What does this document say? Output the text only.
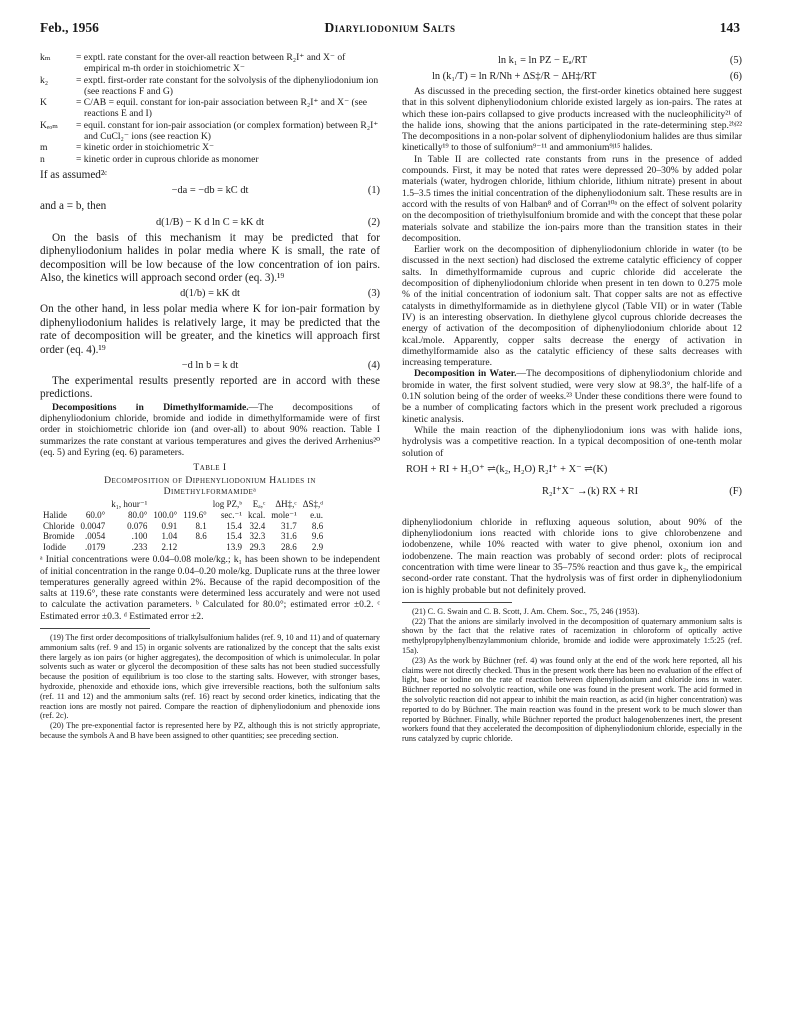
Feb., 1956	Diaryliodonium Salts	143

kₘ	= exptl. rate constant for the over-all reaction between R₂I⁺ and X⁻ of empirical m-th order in stoichiometric X⁻

k₂	= exptl. first-order rate constant for the solvolysis of the diphenyliodonium ion (see reactions F and G)

K	= C/AB = equil. constant for ion-pair association between R₂I⁺ and X⁻ (see reactions E and I)

Kₑₒₘ = equil. constant for ion-pair association (or complex formation) between R₂I⁺ and CuCl₂⁻ ions (see reaction K)

m	= kinetic order in stoichiometric X⁻

n	= kinetic order in cuprous chloride as monomer

If as assumed²ᶜ

−da = −db = kC dt	(1)

and a = b, then

d(1/B) − K d ln C = kK dt	(2)

On the basis of this mechanism it may be predicted that for diphenyliodonium halides in polar media where K is small, the rate of decomposition will be low because of the low concentration of ion pairs. Also, the kinetics will approach second order (eq. 3).¹⁹

d(1/b) = kK dt	(3)

On the other hand, in less polar media where K for ion-pair formation by diphenyliodonium halides is relatively large, it may be predicted that the rate of decomposition will be greater, and the kinetics will approach first order (eq. 4).¹⁹

−d ln b = k dt	(4)

The experimental results presently reported are in accord with these predictions.

Decompositions in Dimethylformamide.—The decompositions of diphenyliodonium chloride, bromide and iodide in dimethylformamide were of first order in stoichiometric chloride ion (and over-all) to about 90% reaction. Table I summarizes the rate constant at various temperatures and gives the derived Arrhenius²⁰ (eq. 5) and Eyring (eq. 6) parameters.

Table I
Decomposition of Diphenyliodonium Halides in
Dimethylformamideᵃ
		k₁, hour⁻¹			log PZ,ᵇ	Eₐ,ᶜ	ΔH‡,ᶜ	ΔS‡,ᵈ
Halide	60.0°	80.0°	100.0°	119.6°	sec.⁻¹	kcal.	mole⁻¹	e.u.
Chloride	0.0047	0.076	0.91	8.1	15.4	32.4	31.7	8.6
Bromide	.0054	.100	1.04	8.6	15.4	32.3	31.6	9.6
Iodide	.0179	.233	2.12		13.9	29.3	28.6	2.9

ᵃ Initial concentrations were 0.04–0.08 mole/kg.; k₁ has been shown to be independent of initial concentration in the range 0.04–0.20 mole/kg. Duplicate runs at the three lower temperatures generally agreed within 2%. Because of the rapid decomposition of the salts at 119.6°, these rate constants were determined less accurately and were not used to calculate the activation parameters. ᵇ Calculated for 80.0°; estimated error ±0.2. ᶜ Estimated error ±0.3. ᵈ Estimated error ±2.

(19) The first order decompositions of trialkylsulfonium halides (ref. 9, 10 and 11) and of quaternary ammonium salts (ref. 9 and 15) in organic solvents are rationalized by the concept that the salts exist there largely as ion pairs (or higher aggregates), the decomposition of which is unimolecular. In polar solvents such as water or glycerol the decomposition of these salts has not been studied successfully because the position of equilibrium is too close to the starting salts. However, with stronger bases, hydroxide, phenoxide and ethoxide ions, which give irreversible reactions, both the sulfonium salts (ref. 11 and 12) and the ammonium salts (ref. 16) react by second order kinetics, indicating that the reaction ions are mostly not paired. Compare the reaction of diphenyliodonium and phenoxide ions (ref. 2c).

(20) The pre-exponential factor is represented here by PZ, although this is not strictly appropriate, because the symbols A and B have been assigned to other quantities; see preceding section.

ln k₁ = ln PZ − Eₐ/RT	(5)
ln (k₁/T) = ln R/Nh + ΔS‡/R − ΔH‡/RT	(6)

As discussed in the preceding section, the first-order kinetics obtained here suggest that in this solvent diphenyliodonium chloride existed largely as ion-pairs. The rates at which these ion-pairs collapsed to give products increased with the nucleophilicity²¹ of the halide ions, showing that the anions participated in the rate-determining step.²ᵇʲ²² The decompositions in a non-polar solvent of diphenyliodonium halides are thus similar kinetically¹⁹ to those of sulfonium⁹⁻¹¹ and ammonium⁹ʲ¹⁵ halides.

In Table II are collected rate constants from runs in the presence of added compounds. First, it may be noted that rates were depressed 20–30% by added polar materials (water, hydrogen chloride, lithium chloride, lithium nitrate) present in about 1.5–3.5 times the initial concentration of the diphenyliodonium salt. These results are in accord with the results of von Halban⁸ and of Corran¹⁰ᵃ on the effect of solvent polarity on the decomposition of triethylsulfonium bromide and with the concept that these polar materials solvate and stabilize the ion-pairs more than the transition states in their decomposition.

Earlier work on the decomposition of diphenyliodonium chloride in water (to be discussed in the next section) had disclosed the extreme catalytic efficiency of copper salts. In dimethylformamide cuprous and cupric chloride did accelerate the decomposition of diphenyliodonium chloride when present in ten down to 0.275 mole % of the initial concentration of iodonium salt. That copper salts are not as effective catalysts in dimethylformamide as in diethylene glycol (Table VII) or in water (Table IV) is an interesting observation. In diethylene glycol cuprous chloride decreases the energy of activation of the decomposition of diphenyliodonium chloride about 12 kcal./mole. Apparently, copper salts decrease the energy of activation in dimethylformamide also as the catalytic efficiency of these salts decreases with increasing temperature.

Decomposition in Water.—The decompositions of diphenyliodonium chloride and bromide in water, the first solvent studied, were very slow at 98.3°, the half-life of a 0.1N solution being of the order of weeks.²³ Under these conditions there were found to be a number of complicating factors which in the present work precluded a rigorous kinetic analysis.

While the main reaction of the diphenyliodonium ions was with halide ions, hydrolysis was a competitive reaction. In a typical decomposition of one-tenth molar solution of

ROH + RI + H₃O⁺ ⇌(k₂, H₂O) R₂I⁺ + X⁻ ⇌(K)
R₂I⁺X⁻ →(k) RX + RI	(F)

diphenyliodonium chloride in refluxing aqueous solution, about 90% of the diphenyliodonium ions reacted with chloride ions to give chlorobenzene and iodobenzene, while 10% reacted with water to give phenol, oxonium ion and iodobenzene. The main reaction was probably of second order: plots of reciprocal concentration with time were linear to 35–75% reaction and thus gave k₂, the empirical second-order rate constant. That the hydrolysis was of first order in diphenyliodonium ion is highly probable but not definitely proved.

(21) C. G. Swain and C. B. Scott, J. Am. Chem. Soc., 75, 246 (1953).

(22) That the anions are similarly involved in the decomposition of quaternary ammonium salts is shown by the fact that the relative rates of racemization in chloroform of optically active methylpropylphenylbenzylammonium chloride, bromide and iodide were approximately 1:5:25 (ref. 15a).

(23) As the work by Büchner (ref. 4) was found only at the end of the work here reported, all his claims were not directly checked. Thus in the present work there has been no evaluation of the effect of light, base or iodine on the rate of reaction between diphenyliodonium and chloride ions in water. Büchner reported no solvolytic reaction, while one was found in the present work. The acid formed in the solvolytic reaction did not appear to inhibit the main reaction, as acid (in higher concentration) was reported to do by Büchner. The main reaction was found in the present work to be much slower than reported by Büchner. Finally, while Büchner reported the product halogenobenzenes inert, the present workers found that they accelerated the decomposition of diphenyliodonium chloride, especially in the runs catalyzed by cupric chloride.
